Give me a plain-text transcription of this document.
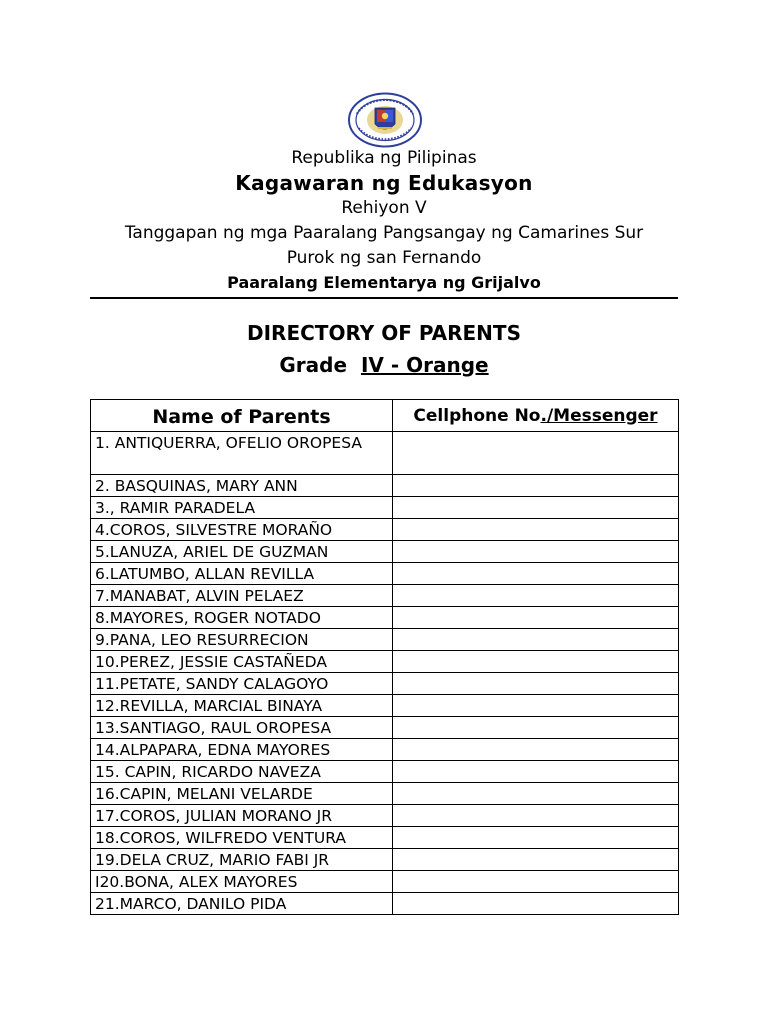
Republika ng Pilipinas
Kagawaran ng Edukasyon
Rehiyon V
Tanggapan ng mga Paaralang Pangsangay ng Camarines Sur
Purok ng san Fernando
Paaralang Elementarya ng Grijalvo
DIRECTORY OF PARENTS
Grade IV - Orange
Name of Parents	Cellphone No./Messenger
1. ANTIQUERRA, OFELIO OROPESA	
2. BASQUINAS, MARY ANN	
3., RAMIR PARADELA	
4.COROS, SILVESTRE MORAÑO	
5.LANUZA, ARIEL DE GUZMAN	
6.LATUMBO, ALLAN REVILLA	
7.MANABAT, ALVIN PELAEZ	
8.MAYORES, ROGER NOTADO	
9.PANA, LEO RESURRECION	
10.PEREZ, JESSIE CASTAÑEDA	
11.PETATE, SANDY CALAGOYO	
12.REVILLA, MARCIAL BINAYA	
13.SANTIAGO, RAUL OROPESA	
14.ALPAPARA, EDNA MAYORES	
15. CAPIN, RICARDO NAVEZA	
16.CAPIN, MELANI VELARDE	
17.COROS, JULIAN MORANO JR	
18.COROS, WILFREDO VENTURA	
19.DELA CRUZ, MARIO FABI JR	
I20.BONA, ALEX MAYORES	
21.MARCO, DANILO PIDA	
